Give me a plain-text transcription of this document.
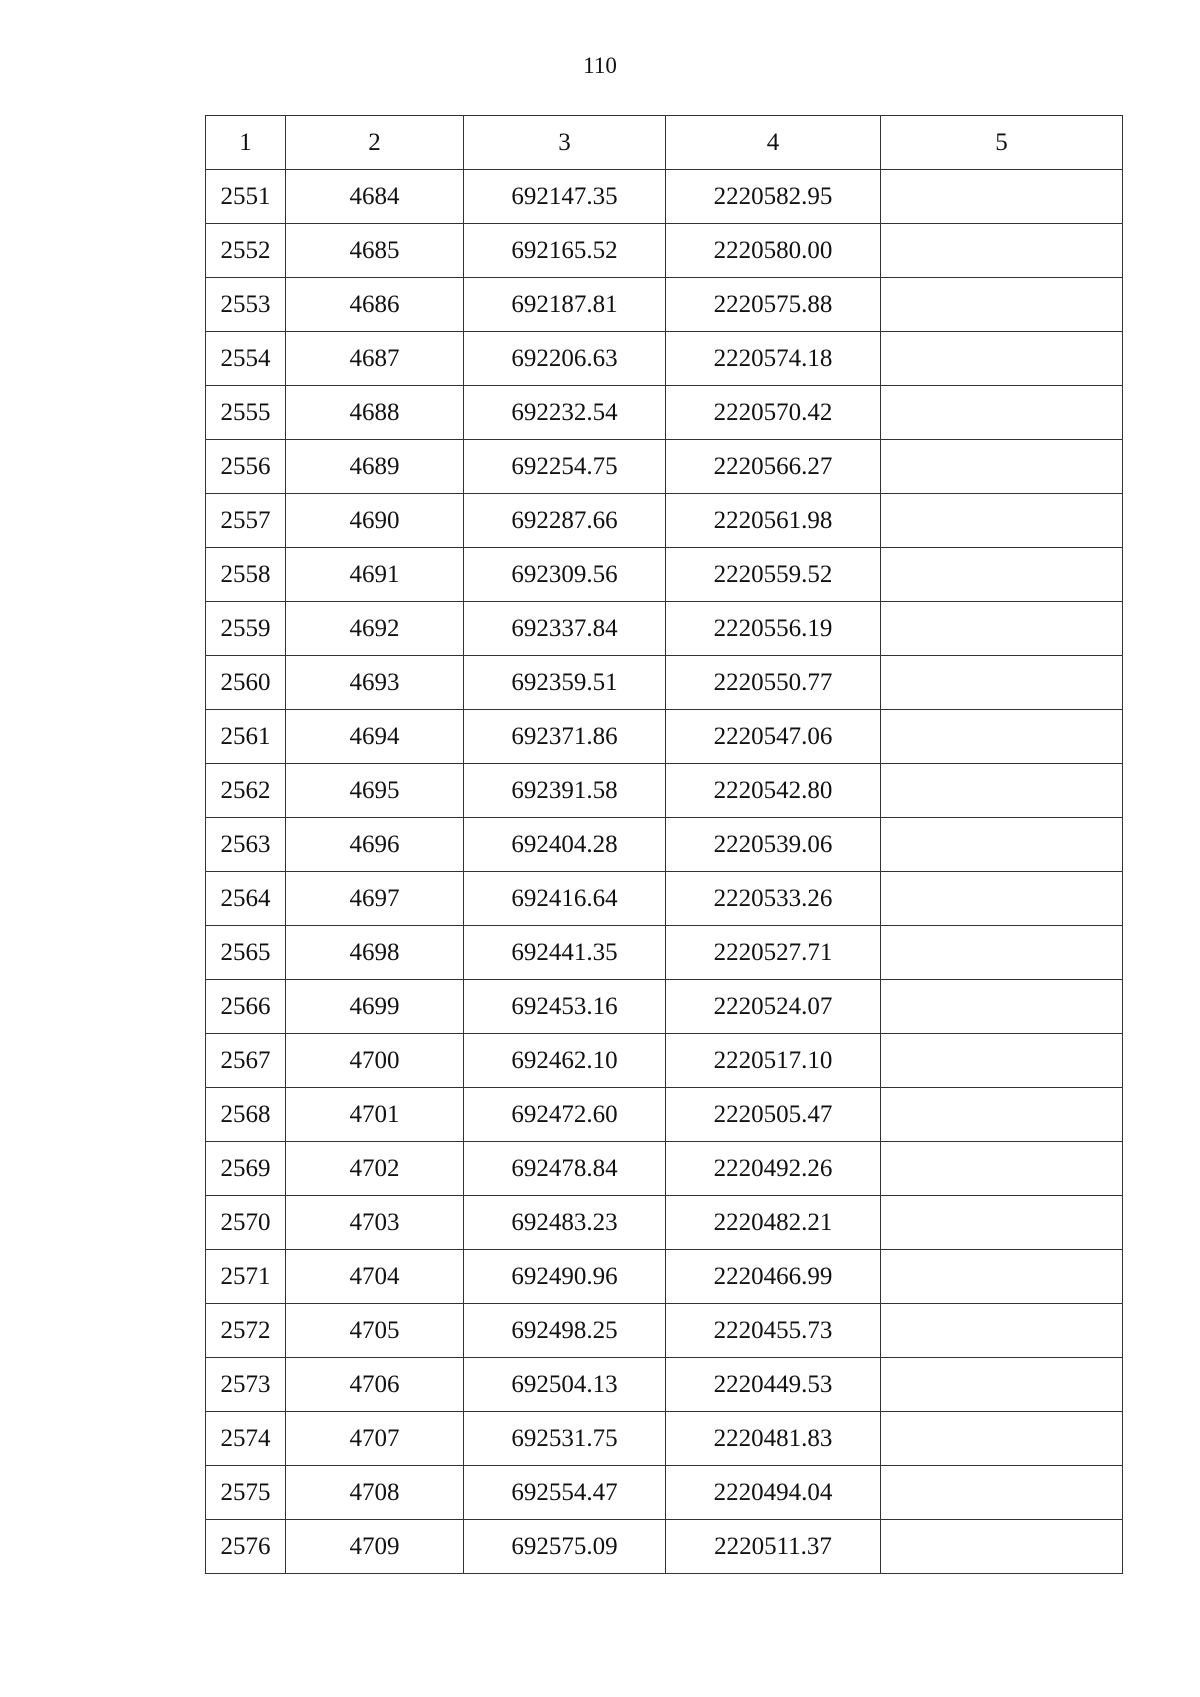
110
1	2	3	4	5
2551	4684	692147.35	2220582.95	
2552	4685	692165.52	2220580.00	
2553	4686	692187.81	2220575.88	
2554	4687	692206.63	2220574.18	
2555	4688	692232.54	2220570.42	
2556	4689	692254.75	2220566.27	
2557	4690	692287.66	2220561.98	
2558	4691	692309.56	2220559.52	
2559	4692	692337.84	2220556.19	
2560	4693	692359.51	2220550.77	
2561	4694	692371.86	2220547.06	
2562	4695	692391.58	2220542.80	
2563	4696	692404.28	2220539.06	
2564	4697	692416.64	2220533.26	
2565	4698	692441.35	2220527.71	
2566	4699	692453.16	2220524.07	
2567	4700	692462.10	2220517.10	
2568	4701	692472.60	2220505.47	
2569	4702	692478.84	2220492.26	
2570	4703	692483.23	2220482.21	
2571	4704	692490.96	2220466.99	
2572	4705	692498.25	2220455.73	
2573	4706	692504.13	2220449.53	
2574	4707	692531.75	2220481.83	
2575	4708	692554.47	2220494.04	
2576	4709	692575.09	2220511.37	
